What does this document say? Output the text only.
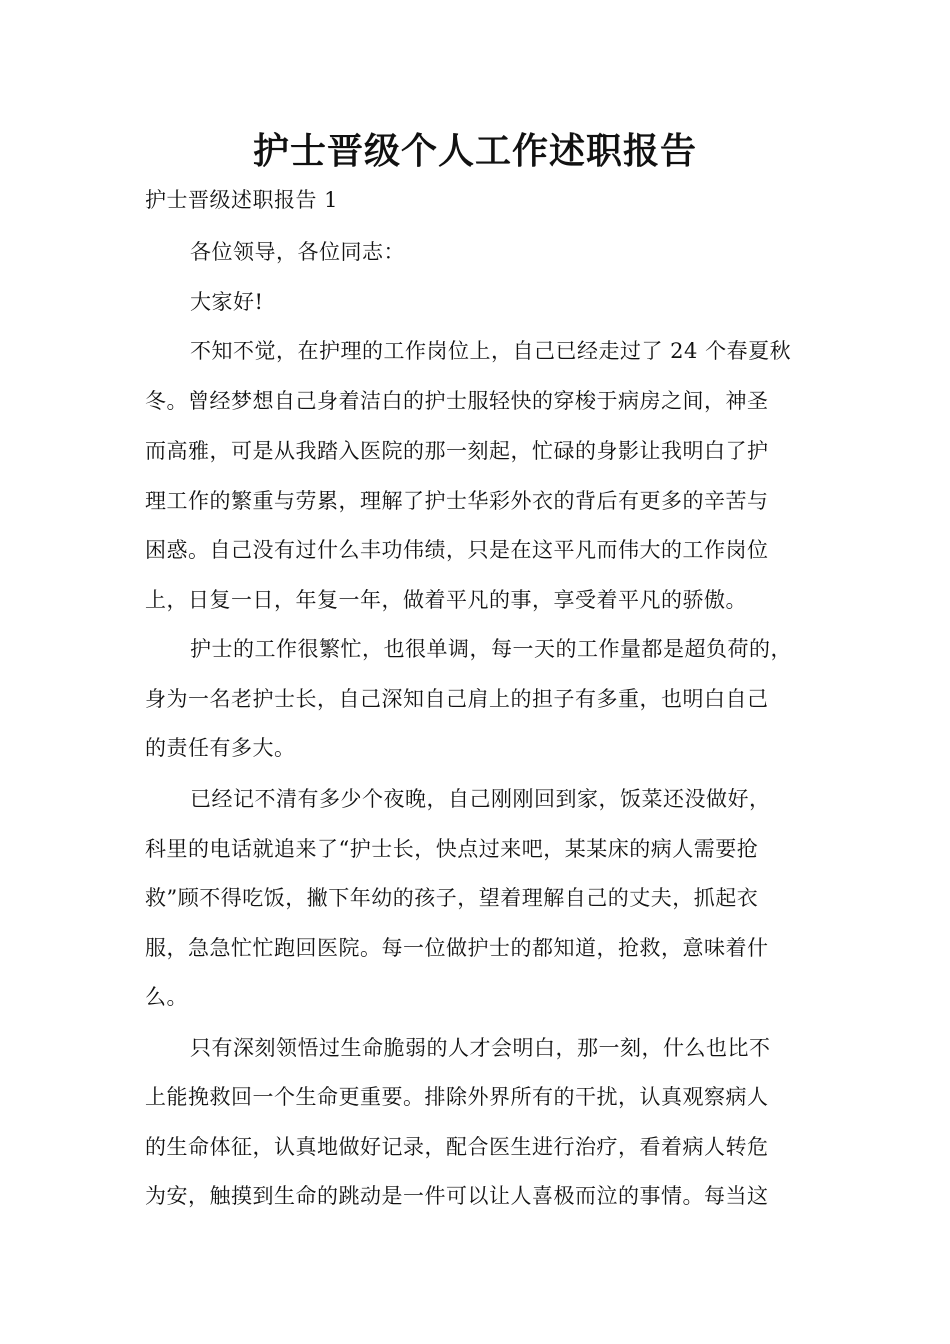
护士晋级个人工作述职报告

护士晋级述职报告 1

各位领导，各位同志：

大家好!

不知不觉，在护理的工作岗位上，自己已经走过了 24 个春夏秋

冬。曾经梦想自己身着洁白的护士服轻快的穿梭于病房之间，神圣

而高雅，可是从我踏入医院的那一刻起，忙碌的身影让我明白了护

理工作的繁重与劳累，理解了护士华彩外衣的背后有更多的辛苦与

困惑。自己没有过什么丰功伟绩，只是在这平凡而伟大的工作岗位

上，日复一日，年复一年，做着平凡的事，享受着平凡的骄傲。

护士的工作很繁忙，也很单调，每一天的工作量都是超负荷的，

身为一名老护士长，自己深知自己肩上的担子有多重，也明白自己

的责任有多大。

已经记不清有多少个夜晚，自己刚刚回到家，饭菜还没做好，

科里的电话就追来了“护士长，快点过来吧，某某床的病人需要抢

救”顾不得吃饭，撇下年幼的孩子，望着理解自己的丈夫，抓起衣

服，急急忙忙跑回医院。每一位做护士的都知道，抢救，意味着什

么。

只有深刻领悟过生命脆弱的人才会明白，那一刻，什么也比不

上能挽救回一个生命更重要。排除外界所有的干扰，认真观察病人

的生命体征，认真地做好记录，配合医生进行治疗，看着病人转危

为安，触摸到生命的跳动是一件可以让人喜极而泣的事情。每当这
